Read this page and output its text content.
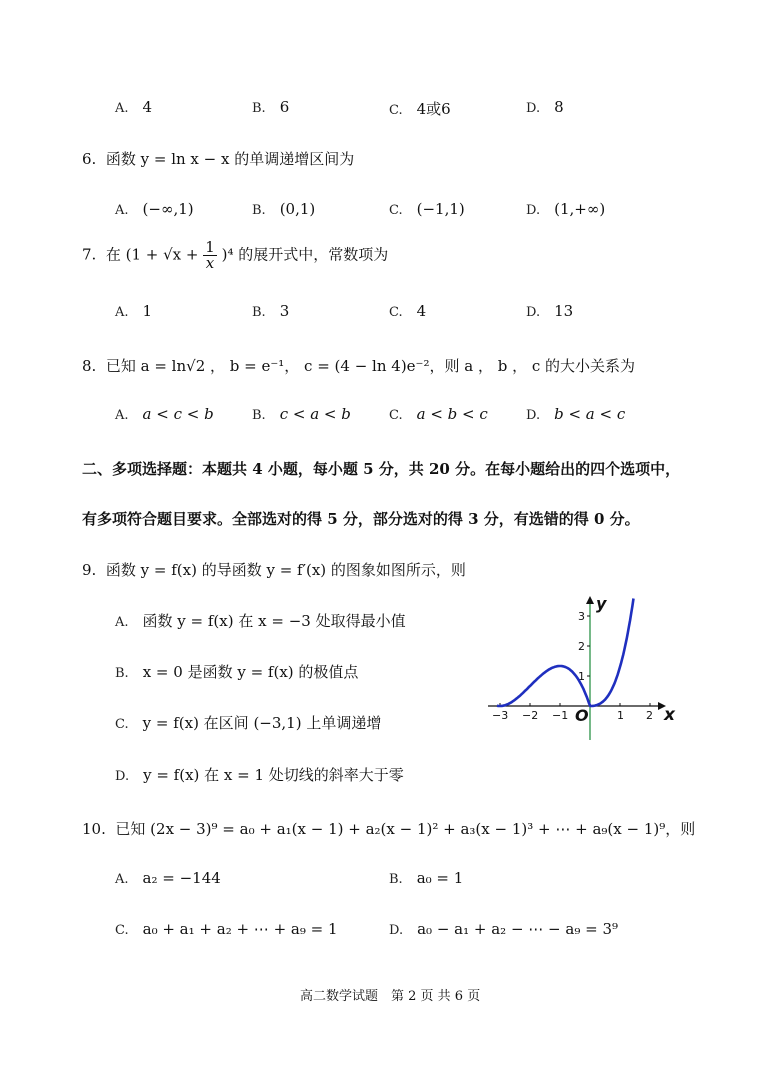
A. 4	B. 6	C. 4或6	D. 8
6. 函数 y = ln x − x 的单调递增区间为
A. (−∞,1)	B. (0,1)	C. (−1,1)	D. (1,+∞)
7. 在 $(1 + √x + \frac{1}{x} )^4$ 的展开式中，常数项为
A. 1	B. 3	C. 4	D. 13
8. 已知 a = ln√2 ， b = e⁻¹， c = (4 − ln 4)e⁻²，则 a ， b ， c 的大小关系为
A. a < c < b	B. c < a < b	C. a < b < c	D. b < a < c
二、多项选择题：本题共 4 小题，每小题 5 分，共 20 分。在每小题给出的四个选项中，
有多项符合题目要求。全部选对的得 5 分，部分选对的得 3 分，有选错的得 0 分。
9. 函数 y = f(x) 的导函数 y = f′(x) 的图象如图所示，则
A. 函数 y = f(x) 在 x = −3 处取得最小值
B. x = 0 是函数 y = f(x) 的极值点
C. y = f(x) 在区间 (−3,1) 上单调递增
D. y = f(x) 在 x = 1 处切线的斜率大于零
y
x
O
−3 −2 −1	1 2
1
2
3
10. 已知 (2x − 3)⁹ = a₀ + a₁(x − 1) + a₂(x − 1)² + a₃(x − 1)³ + ⋯ + a₉(x − 1)⁹，则
A. a₂ = −144	B. a₀ = 1
C. a₀ + a₁ + a₂ + ⋯ + a₉ = 1	D. a₀ − a₁ + a₂ − ⋯ − a₉ = 3⁹
高二数学试题　第 2 页 共 6 页
